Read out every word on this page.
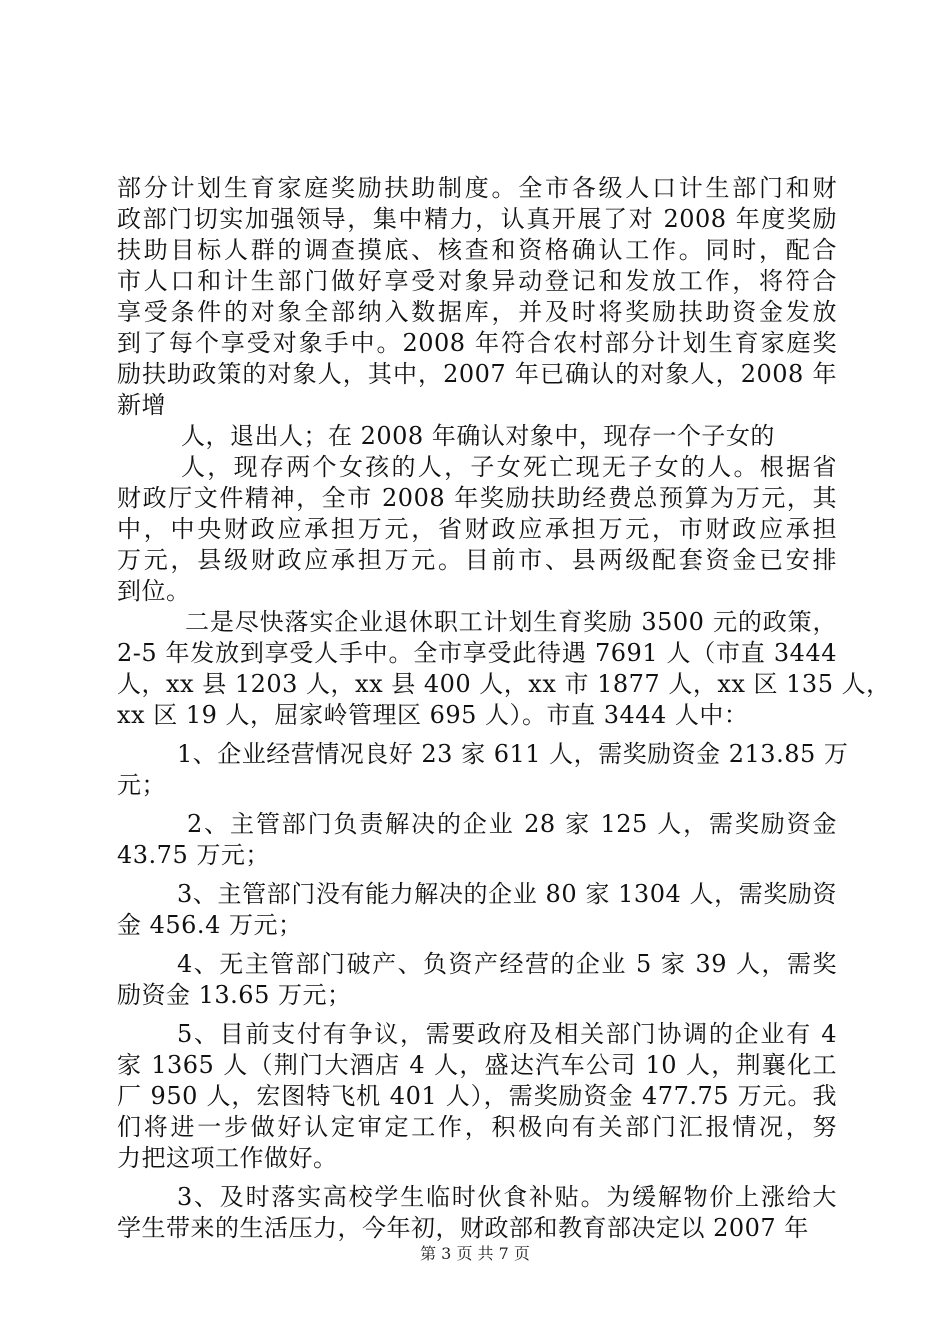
部分计划生育家庭奖励扶助制度。全市各级人口计生部门和财
政部门切实加强领导，集中精力，认真开展了对 2008 年度奖励
扶助目标人群的调查摸底、核查和资格确认工作。同时，配合
市人口和计生部门做好享受对象异动登记和发放工作，将符合
享受条件的对象全部纳入数据库，并及时将奖励扶助资金发放
到了每个享受对象手中。2008 年符合农村部分计划生育家庭奖
励扶助政策的对象人，其中，2007 年已确认的对象人，2008 年
新增
人，退出人；在 2008 年确认对象中，现存一个子女的
人，现存两个女孩的人，子女死亡现无子女的人。根据省
财政厅文件精神，全市 2008 年奖励扶助经费总预算为万元，其
中，中央财政应承担万元，省财政应承担万元，市财政应承担
万元，县级财政应承担万元。目前市、县两级配套资金已安排
到位。
二是尽快落实企业退休职工计划生育奖励 3500 元的政策，
2-5 年发放到享受人手中。全市享受此待遇 7691 人（市直 3444
人，xx 县 1203 人，xx 县 400 人，xx 市 1877 人，xx 区 135 人，
xx 区 19 人，屈家岭管理区 695 人）。市直 3444 人中：
1、企业经营情况良好 23 家 611 人，需奖励资金 213.85 万
元；
2、主管部门负责解决的企业 28 家 125 人，需奖励资金
43.75 万元；
3、主管部门没有能力解决的企业 80 家 1304 人，需奖励资
金 456.4 万元；
4、无主管部门破产、负资产经营的企业 5 家 39 人，需奖
励资金 13.65 万元；
5、目前支付有争议，需要政府及相关部门协调的企业有 4
家 1365 人（荆门大酒店 4 人，盛达汽车公司 10 人，荆襄化工
厂 950 人，宏图特飞机 401 人），需奖励资金 477.75 万元。我
们将进一步做好认定审定工作，积极向有关部门汇报情况，努
力把这项工作做好。
3、及时落实高校学生临时伙食补贴。为缓解物价上涨给大
学生带来的生活压力，今年初，财政部和教育部决定以 2007 年
第 3 页 共 7 页
